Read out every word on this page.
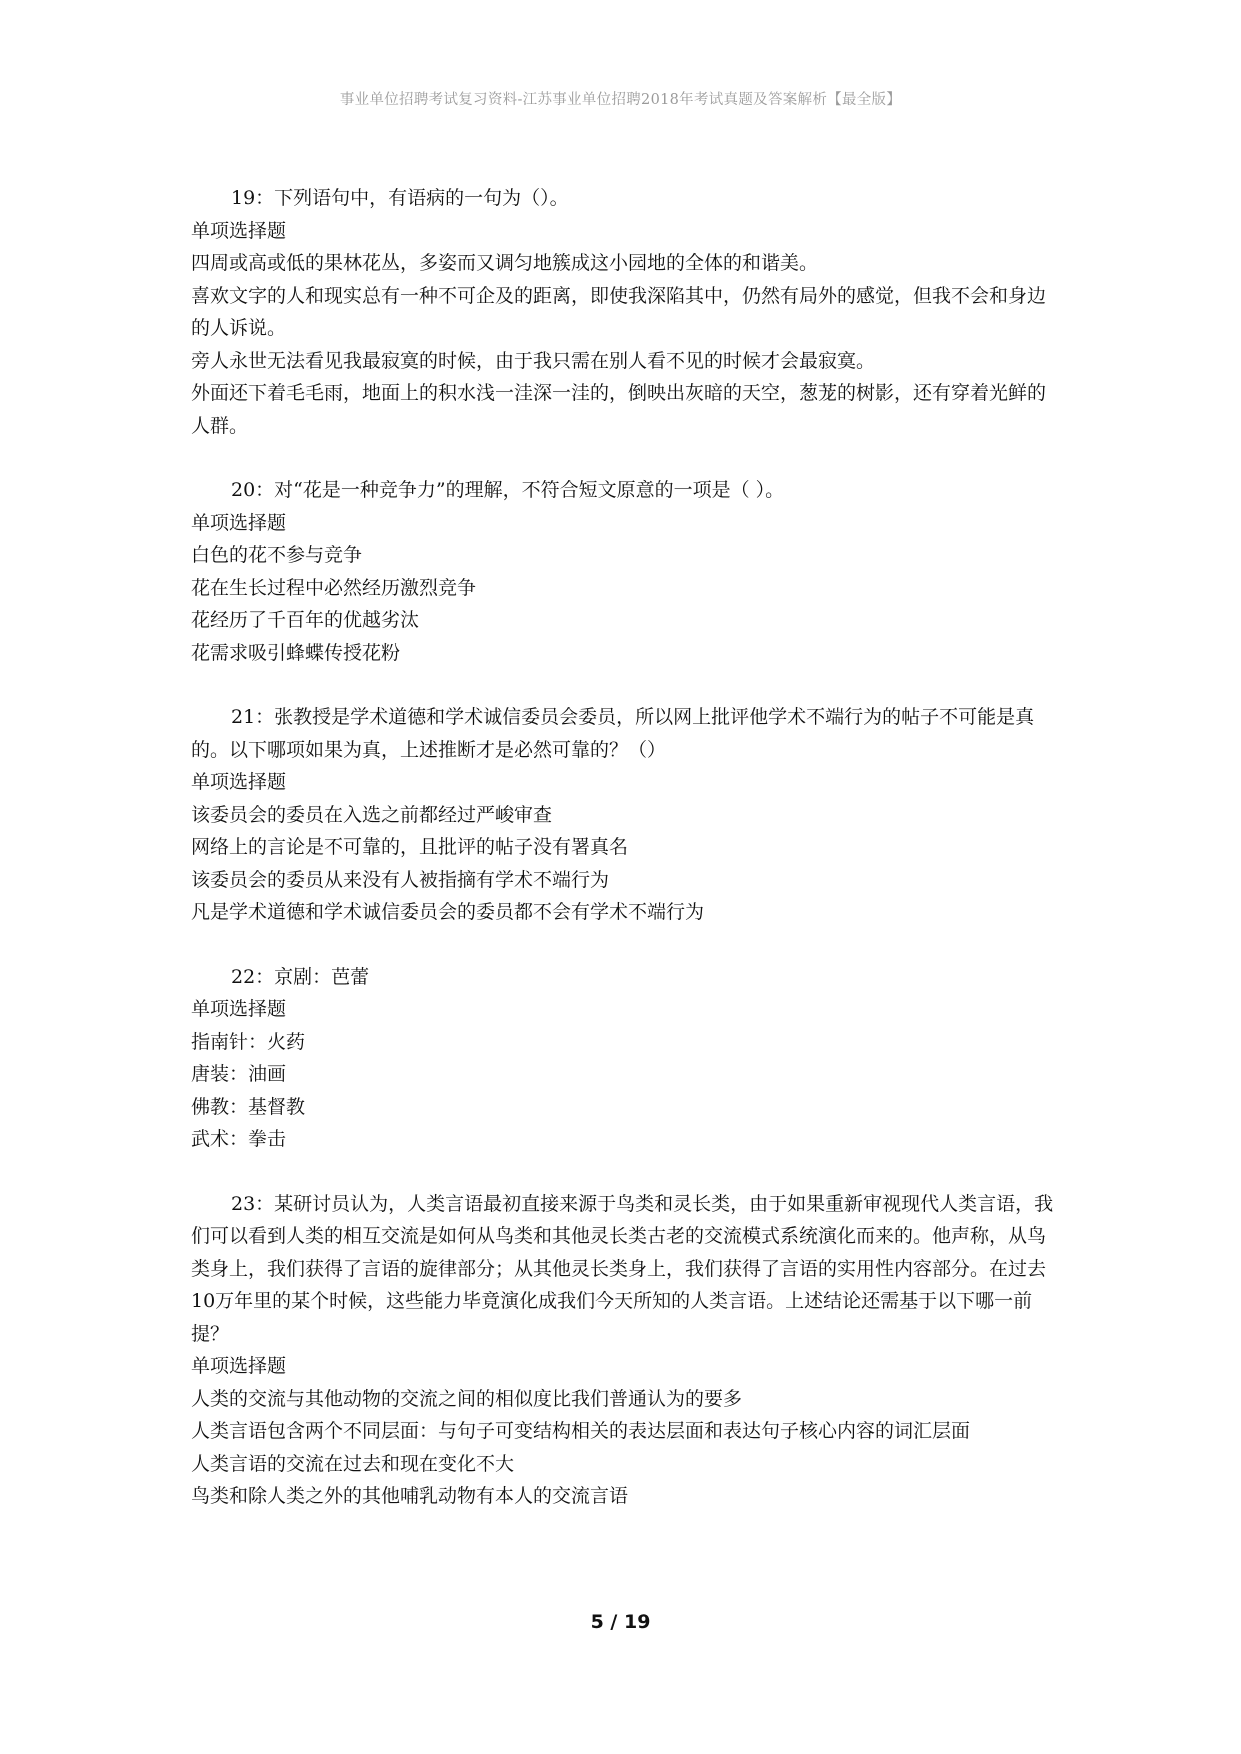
事业单位招聘考试复习资料-江苏事业单位招聘2018年考试真题及答案解析【最全版】
19：下列语句中，有语病的一句为（）。
单项选择题
四周或高或低的果林花丛，多姿而又调匀地簇成这小园地的全体的和谐美。
喜欢文字的人和现实总有一种不可企及的距离，即使我深陷其中，仍然有局外的感觉，但我不会和身边的人诉说。
旁人永世无法看见我最寂寞的时候，由于我只需在别人看不见的时候才会最寂寞。
外面还下着毛毛雨，地面上的积水浅一洼深一洼的，倒映出灰暗的天空，葱茏的树影，还有穿着光鲜的人群。
20：对“花是一种竞争力”的理解，不符合短文原意的一项是（ ）。
单项选择题
白色的花不参与竞争
花在生长过程中必然经历激烈竞争
花经历了千百年的优越劣汰
花需求吸引蜂蝶传授花粉
21：张教授是学术道德和学术诚信委员会委员，所以网上批评他学术不端行为的帖子不可能是真的。以下哪项如果为真，上述推断才是必然可靠的？（）
单项选择题
该委员会的委员在入选之前都经过严峻审查
网络上的言论是不可靠的，且批评的帖子没有署真名
该委员会的委员从来没有人被指摘有学术不端行为
凡是学术道德和学术诚信委员会的委员都不会有学术不端行为
22：京剧：芭蕾
单项选择题
指南针：火药
唐装：油画
佛教：基督教
武术：拳击
23：某研讨员认为，人类言语最初直接来源于鸟类和灵长类，由于如果重新审视现代人类言语，我们可以看到人类的相互交流是如何从鸟类和其他灵长类古老的交流模式系统演化而来的。他声称，从鸟类身上，我们获得了言语的旋律部分；从其他灵长类身上，我们获得了言语的实用性内容部分。在过去10万年里的某个时候，这些能力毕竟演化成我们今天所知的人类言语。上述结论还需基于以下哪一前提？
单项选择题
人类的交流与其他动物的交流之间的相似度比我们普通认为的要多
人类言语包含两个不同层面：与句子可变结构相关的表达层面和表达句子核心内容的词汇层面
人类言语的交流在过去和现在变化不大
鸟类和除人类之外的其他哺乳动物有本人的交流言语
5 / 19
